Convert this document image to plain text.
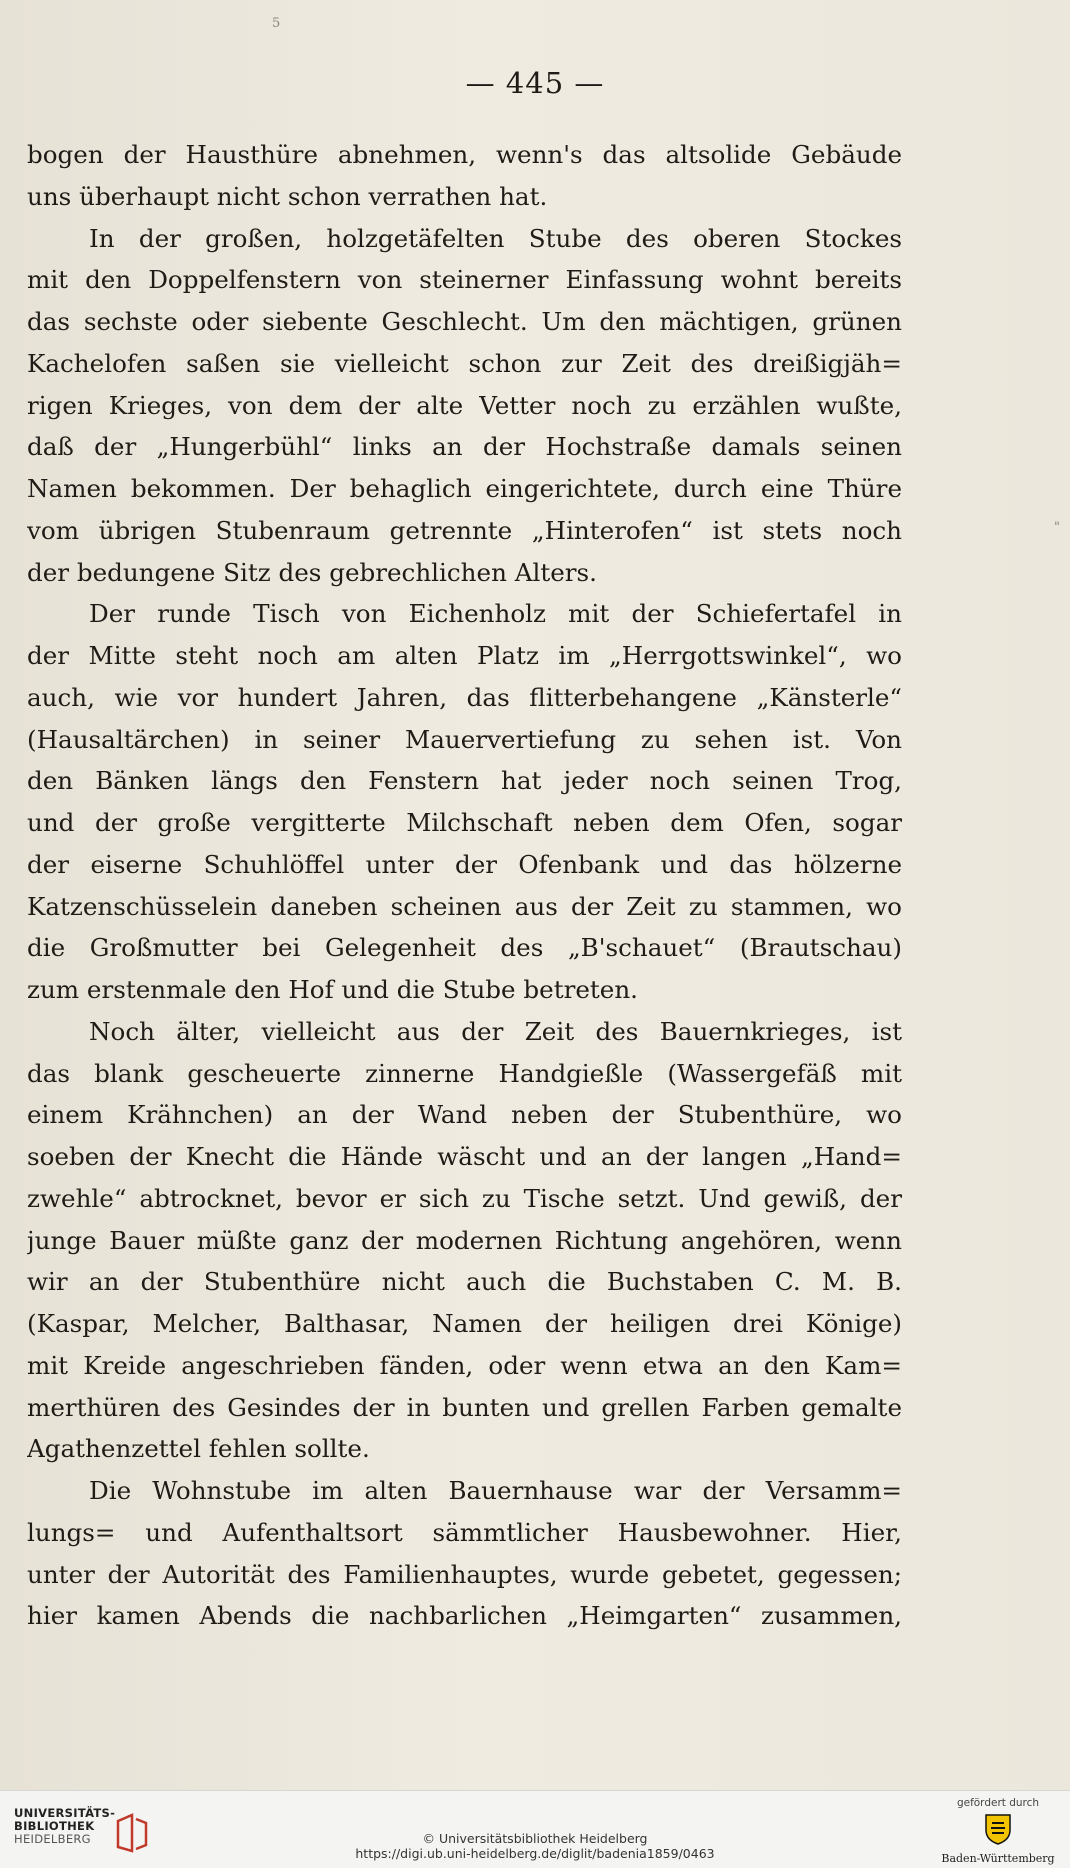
5
"
— 445 —
bogen der Hausthüre abnehmen, wenn's das altsolide Gebäude
uns überhaupt nicht schon verrathen hat.
In der großen, holzgetäfelten Stube des oberen Stockes
mit den Doppelfenstern von steinerner Einfassung wohnt bereits
das sechste oder siebente Geschlecht. Um den mächtigen, grünen
Kachelofen saßen sie vielleicht schon zur Zeit des dreißigjäh=
rigen Krieges, von dem der alte Vetter noch zu erzählen wußte,
daß der „Hungerbühl“ links an der Hochstraße damals seinen
Namen bekommen. Der behaglich eingerichtete, durch eine Thüre
vom übrigen Stubenraum getrennte „Hinterofen“ ist stets noch
der bedungene Sitz des gebrechlichen Alters.
Der runde Tisch von Eichenholz mit der Schiefertafel in
der Mitte steht noch am alten Platz im „Herrgottswinkel“, wo
auch, wie vor hundert Jahren, das flitterbehangene „Känsterle“
(Hausaltärchen) in seiner Mauervertiefung zu sehen ist. Von
den Bänken längs den Fenstern hat jeder noch seinen Trog,
und der große vergitterte Milchschaft neben dem Ofen, sogar
der eiserne Schuhlöffel unter der Ofenbank und das hölzerne
Katzenschüsselein daneben scheinen aus der Zeit zu stammen, wo
die Großmutter bei Gelegenheit des „B'schauet“ (Brautschau)
zum erstenmale den Hof und die Stube betreten.
Noch älter, vielleicht aus der Zeit des Bauernkrieges, ist
das blank gescheuerte zinnerne Handgießle (Wassergefäß mit
einem Krähnchen) an der Wand neben der Stubenthüre, wo
soeben der Knecht die Hände wäscht und an der langen „Hand=
zwehle“ abtrocknet, bevor er sich zu Tische setzt. Und gewiß, der
junge Bauer müßte ganz der modernen Richtung angehören, wenn
wir an der Stubenthüre nicht auch die Buchstaben C. M. B.
(Kaspar, Melcher, Balthasar, Namen der heiligen drei Könige)
mit Kreide angeschrieben fänden, oder wenn etwa an den Kam=
merthüren des Gesindes der in bunten und grellen Farben gemalte
Agathenzettel fehlen sollte.
Die Wohnstube im alten Bauernhause war der Versamm=
lungs= und Aufenthaltsort sämmtlicher Hausbewohner. Hier,
unter der Autorität des Familienhauptes, wurde gebetet, gegessen;
hier kamen Abends die nachbarlichen „Heimgarten“ zusammen,
UNIVERSITÄTS-
BIBLIOTHEK
HEIDELBERG	© Universitätsbibliothek Heidelberg
https://digi.ub.uni-heidelberg.de/diglit/badenia1859/0463
gefördert durch
Baden-Württemberg
